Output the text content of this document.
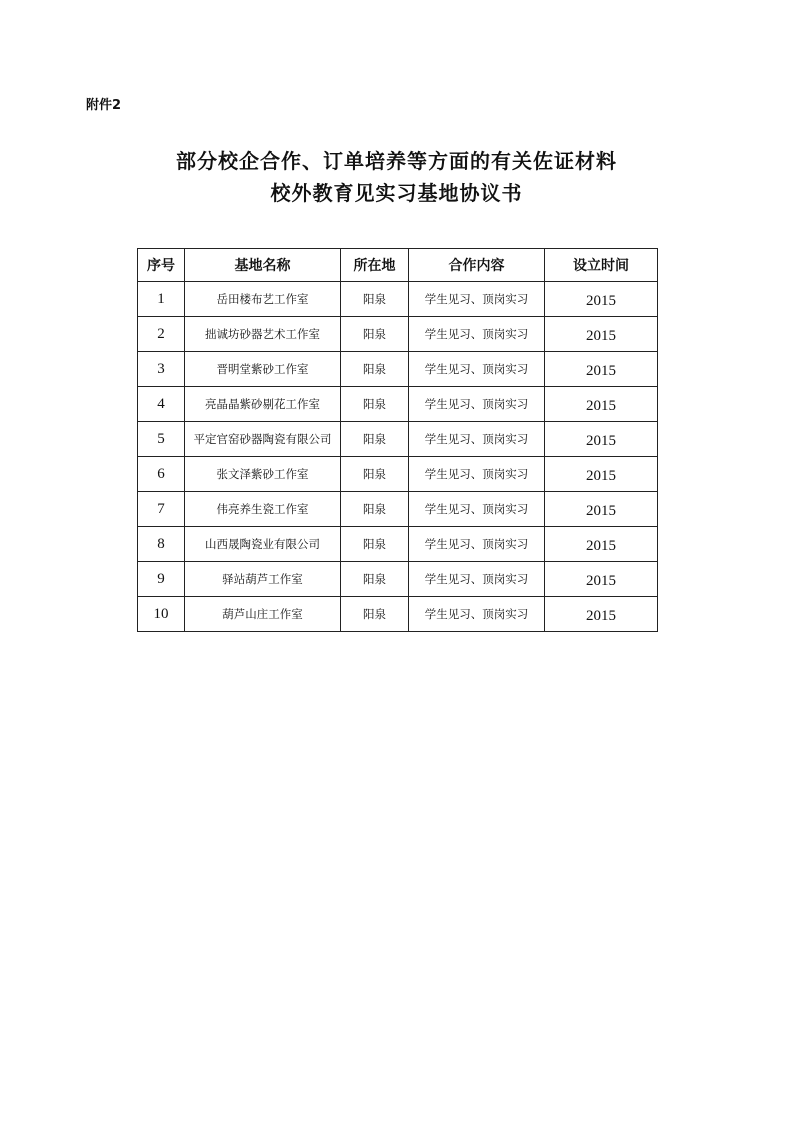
附件2
部分校企合作、订单培养等方面的有关佐证材料
校外教育见实习基地协议书
序号	基地名称	所在地	合作内容	设立时间
1	岳田楼布艺工作室	阳泉	学生见习、顶岗实习	2015
2	拙诚坊砂器艺术工作室	阳泉	学生见习、顶岗实习	2015
3	晋明堂紫砂工作室	阳泉	学生见习、顶岗实习	2015
4	亮晶晶紫砂剔花工作室	阳泉	学生见习、顶岗实习	2015
5	平定官窑砂器陶瓷有限公司	阳泉	学生见习、顶岗实习	2015
6	张文泽紫砂工作室	阳泉	学生见习、顶岗实习	2015
7	伟亮养生瓷工作室	阳泉	学生见习、顶岗实习	2015
8	山西晟陶瓷业有限公司	阳泉	学生见习、顶岗实习	2015
9	驿站葫芦工作室	阳泉	学生见习、顶岗实习	2015
10	葫芦山庄工作室	阳泉	学生见习、顶岗实习	2015
